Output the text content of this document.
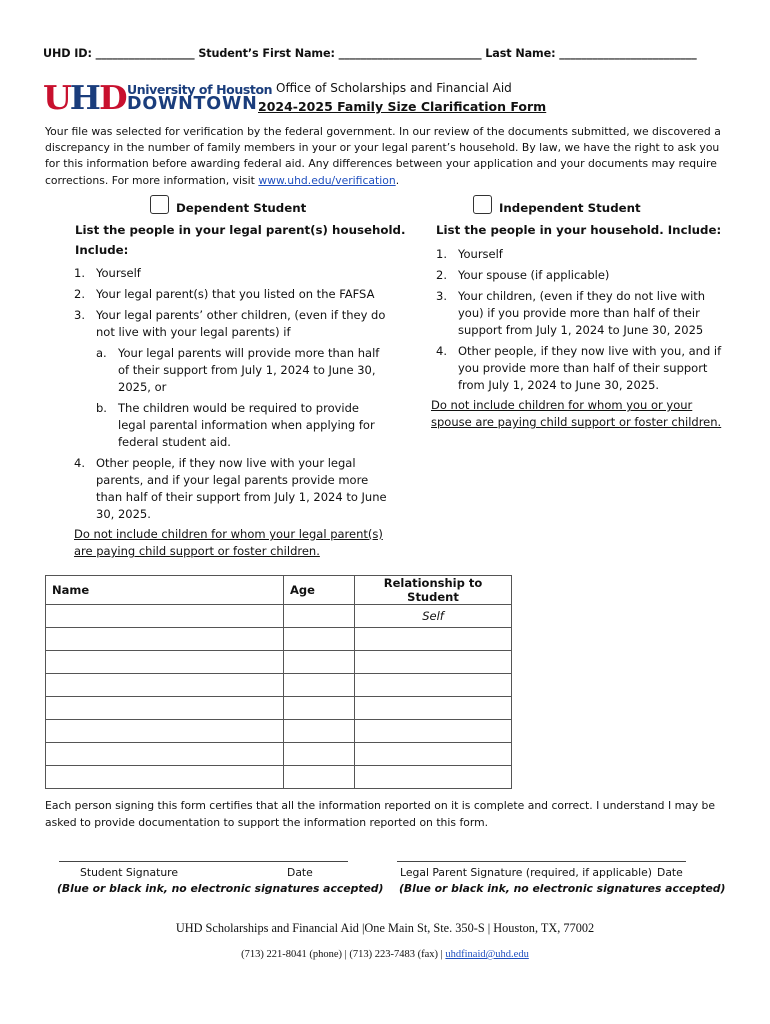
UHD ID: __________________ Student’s First Name: __________________________ Last Name: _________________________
UHD University of Houston
DOWNTOWN
Office of Scholarships and Financial Aid
2024-2025 Family Size Clarification Form
Your file was selected for verification by the federal government. In our review of the documents submitted, we discovered a discrepancy in the number of family members in your or your legal parent’s household. By law, we have the right to ask you for this information before awarding federal aid. Any differences between your application and your documents may require corrections. For more information, visit www.uhd.edu/verification.
Dependent Student
List the people in your legal parent(s) household.
Include:
1. Yourself
2. Your legal parent(s) that you listed on the FAFSA
3. Your legal parents’ other children, (even if they do not live with your legal parents) if
a. Your legal parents will provide more than half of their support from July 1, 2024 to June 30, 2025, or
b. The children would be required to provide legal parental information when applying for federal student aid.
4. Other people, if they now live with your legal parents, and if your legal parents provide more than half of their support from July 1, 2024 to June 30, 2025.
Do not include children for whom your legal parent(s) are paying child support or foster children.
Independent Student
List the people in your household. Include:
1. Yourself
2. Your spouse (if applicable)
3. Your children, (even if they do not live with you) if you provide more than half of their support from July 1, 2024 to June 30, 2025
4. Other people, if they now live with you, and if you provide more than half of their support from July 1, 2024 to June 30, 2025.
Do not include children for whom you or your spouse are paying child support or foster children.
Name	Age	Relationship to Student
		Self

Each person signing this form certifies that all the information reported on it is complete and correct. I understand I may be asked to provide documentation to support the information reported on this form.
Student Signature	Date
(Blue or black ink, no electronic signatures accepted)
Legal Parent Signature (required, if applicable) Date
(Blue or black ink, no electronic signatures accepted)
UHD Scholarships and Financial Aid |One Main St, Ste. 350-S | Houston, TX, 77002
(713) 221-8041 (phone) | (713) 223-7483 (fax) | uhdfinaid@uhd.edu
